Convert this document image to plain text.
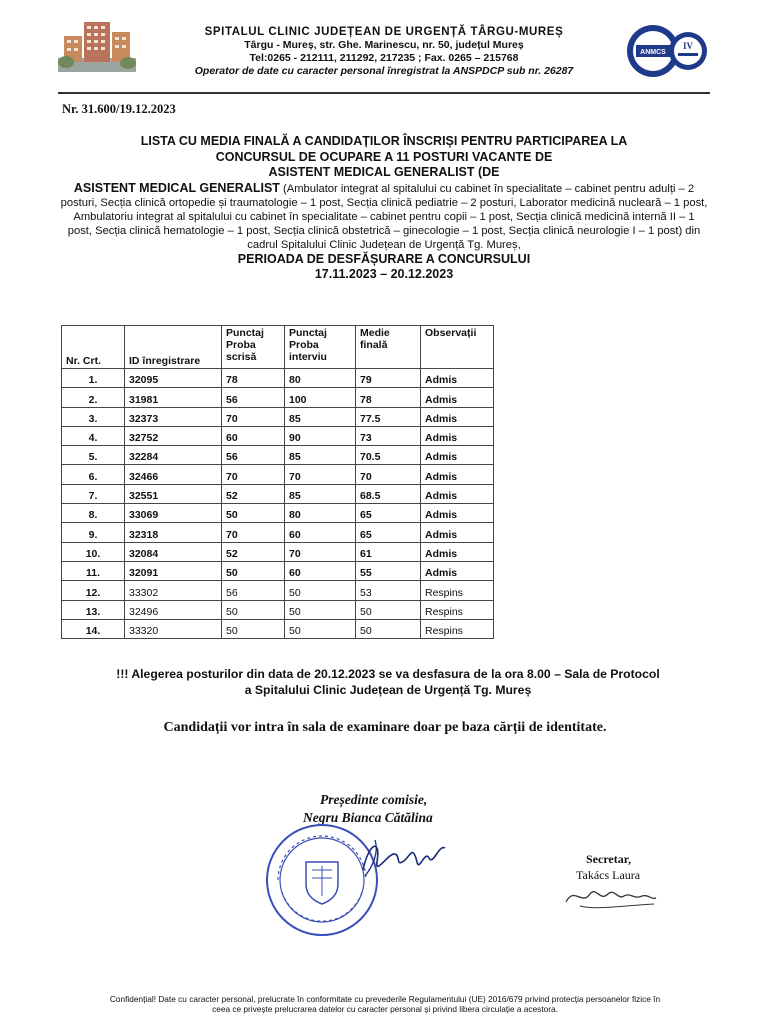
SPITALUL CLINIC JUDEȚEAN DE URGENȚĂ TÂRGU-MUREȘ
Târgu - Mureș, str. Ghe. Marinescu, nr. 50, județul Mureș
Tel:0265 - 212111, 211292, 217235 ; Fax. 0265 – 215768
Operator de date cu caracter personal înregistrat la ANSPDCP sub nr. 26287
ANMCS
IV
Nr. 31.600/19.12.2023
LISTA CU MEDIA FINALĂ A CANDIDAȚILOR ÎNSCRIȘI PENTRU PARTICIPAREA LA
CONCURSUL DE OCUPARE A 11 POSTURI VACANTE DE
ASISTENT MEDICAL GENERALIST (DE
ASISTENT MEDICAL GENERALIST (Ambulator integrat al spitalului cu cabinet în specialitate – cabinet pentru adulți – 2 posturi, Secția clinică ortopedie și traumatologie – 1 post, Secția clinică pediatrie – 2 posturi, Laborator medicină nucleară – 1 post, Ambulatoriu integrat al spitalului cu cabinet în specialitate – cabinet pentru copii – 1 post, Secția clinică medicină internă II – 1 post, Secția clinică hematologie – 1 post, Secția clinică obstetrică – ginecologie – 1 post, Secția clinică neurologie I – 1 post) din cadrul Spitalului Clinic Județean de Urgență Tg. Mureș,
PERIOADA DE DESFĂȘURARE A CONCURSULUI
17.11.2023 – 20.12.2023
Nr. Crt.	ID înregistrare	Punctaj Proba scrisă	Punctaj Proba interviu	Medie finală	Observații
1.	32095	78	80	79	Admis
2.	31981	56	100	78	Admis
3.	32373	70	85	77.5	Admis
4.	32752	60	90	73	Admis
5.	32284	56	85	70.5	Admis
6.	32466	70	70	70	Admis
7.	32551	52	85	68.5	Admis
8.	33069	50	80	65	Admis
9.	32318	70	60	65	Admis
10.	32084	52	70	61	Admis
11.	32091	50	60	55	Admis
12.	33302	56	50	53	Respins
13.	32496	50	50	50	Respins
14.	33320	50	50	50	Respins
!!! Alegerea posturilor din data de 20.12.2023 se va desfasura de la ora 8.00 – Sala de Protocol
a Spitalului Clinic Județean de Urgență Tg. Mureș
Candidații vor intra în sala de examinare doar pe baza cărții de identitate.
Președinte comisie,
Negru Bianca Cătălina
Secretar,
Takács Laura
Confidențial! Date cu caracter personal, prelucrate în conformitate cu prevederile Regulamentului (UE) 2016/679 privind protecția persoanelor fizice în
ceea ce privește prelucrarea datelor cu caracter personal și privind libera circulație a acestora.
